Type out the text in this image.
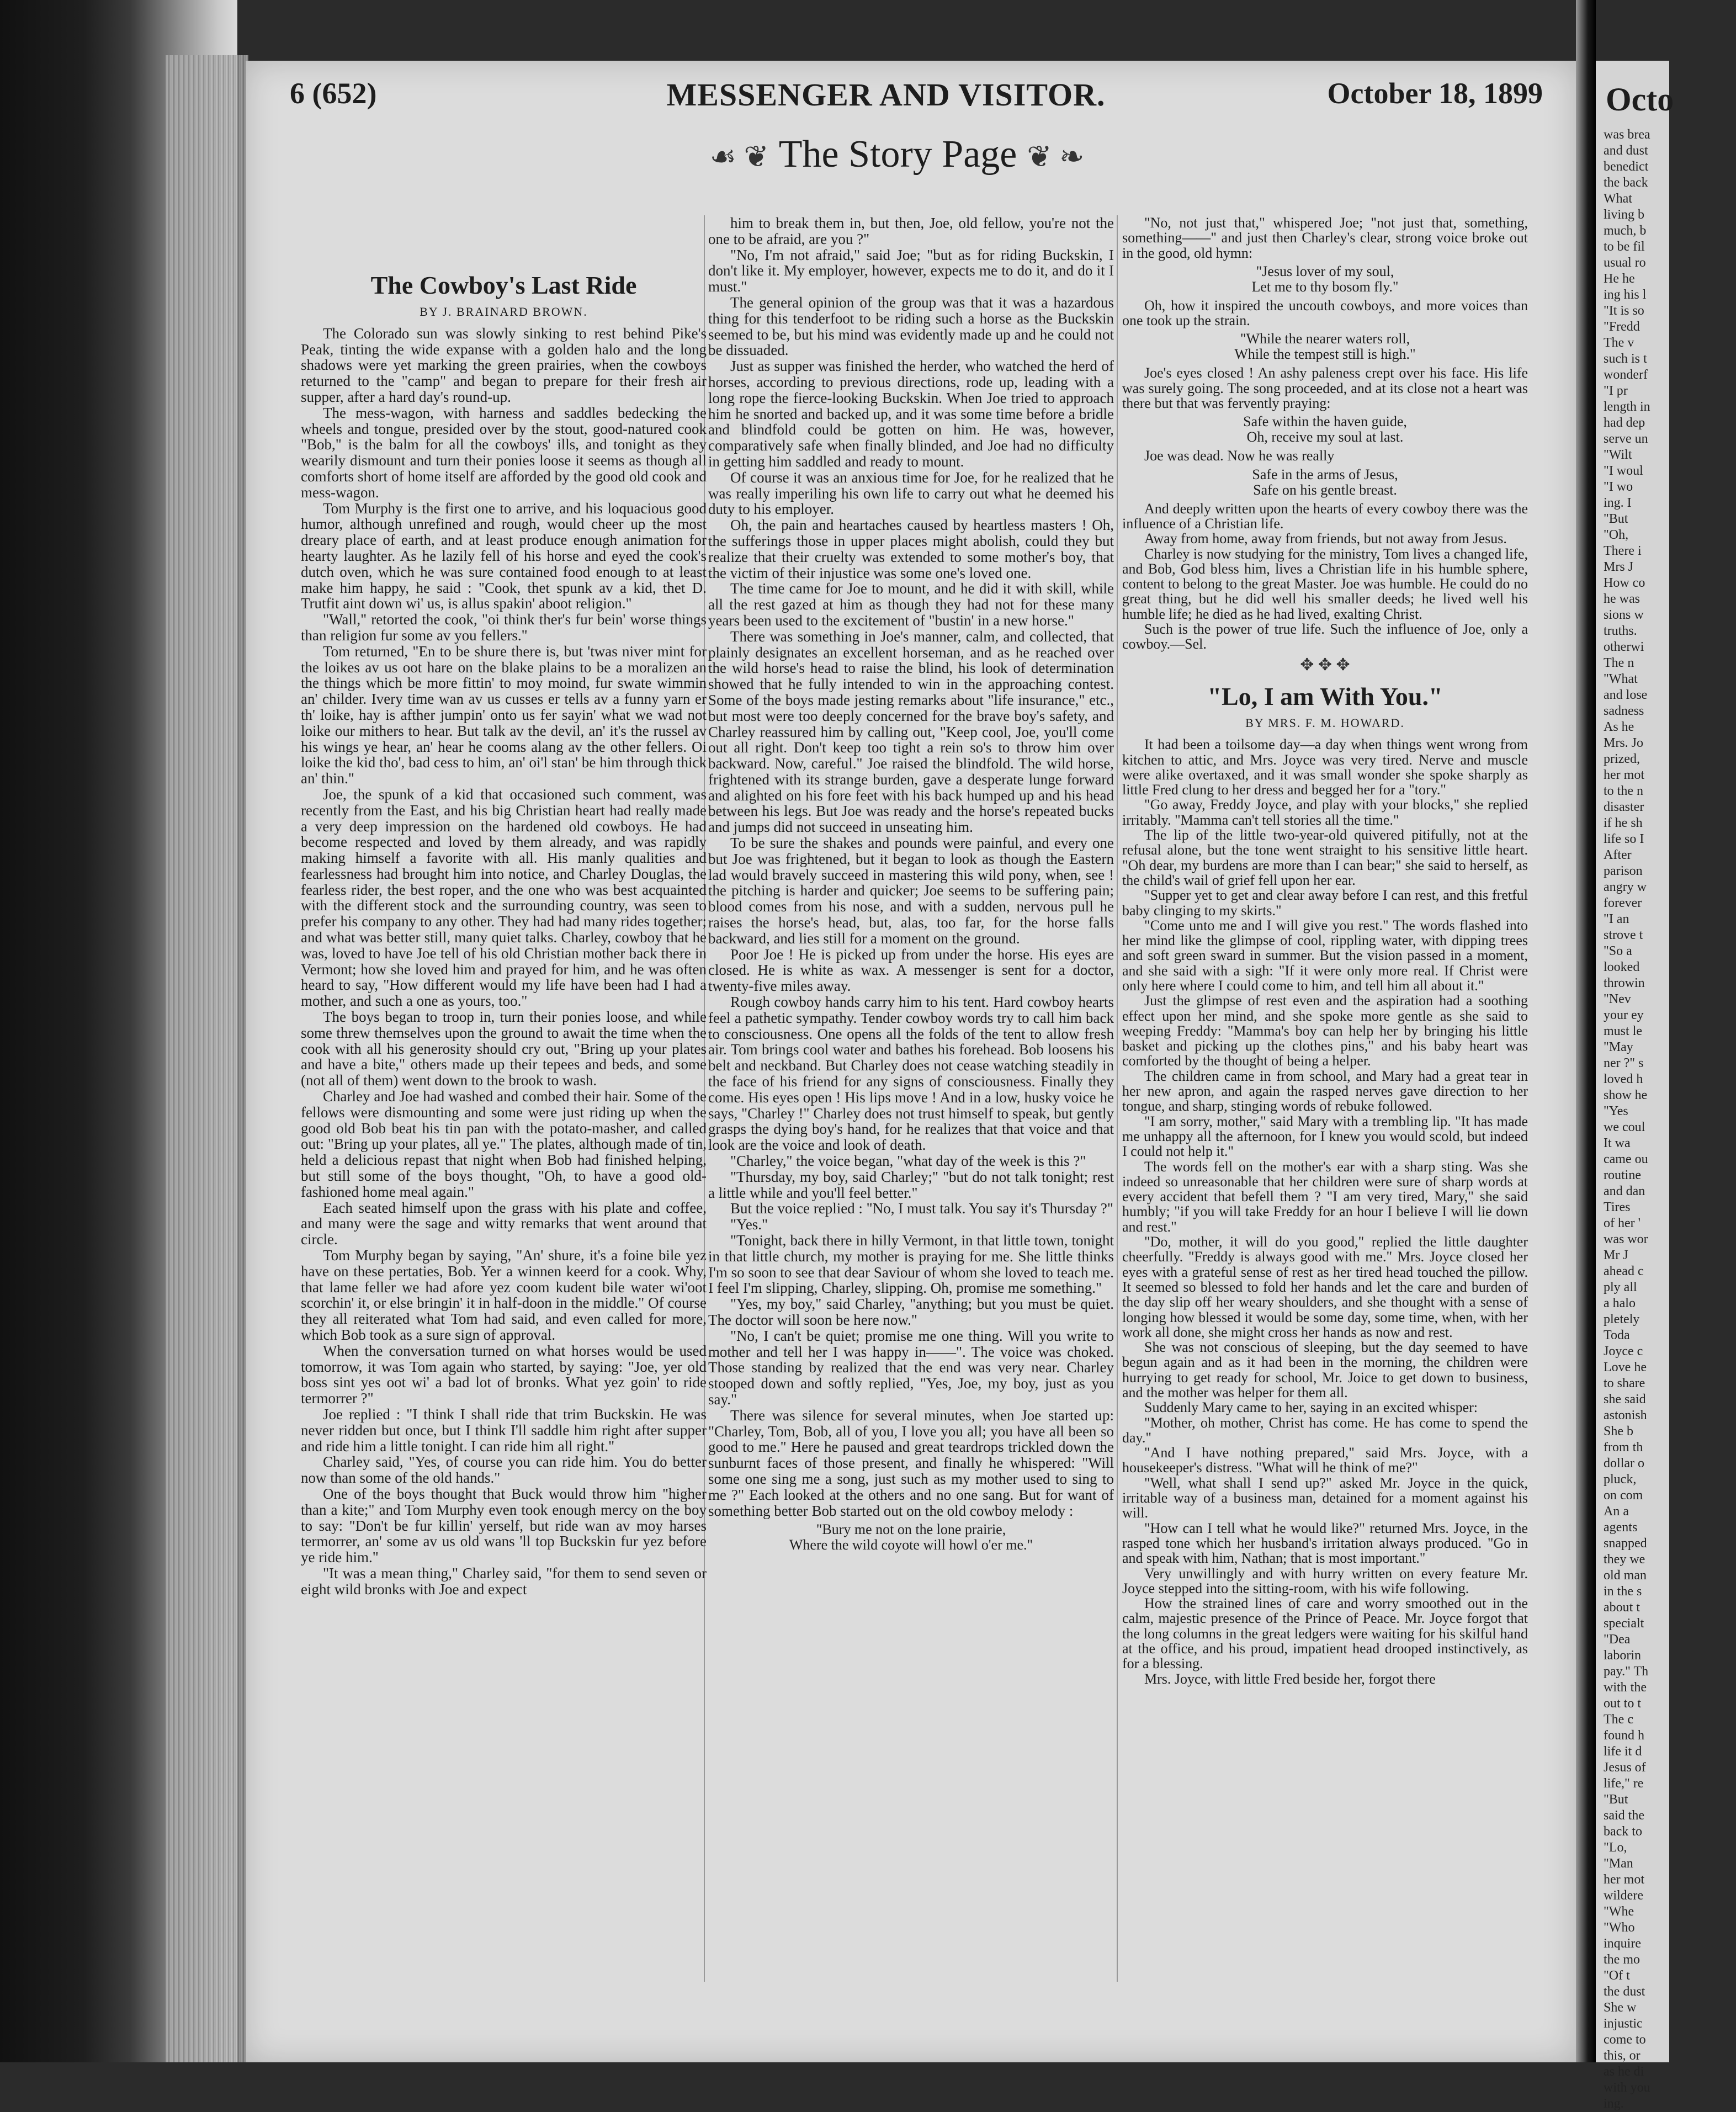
6 (652)	MESSENGER AND VISITOR.	October 18, 1899
☙ ❦ The Story Page ❦ ❧
The Cowboy's Last Ride
BY J. BRAINARD BROWN.

The Colorado sun was slowly sinking to rest behind Pike's Peak, tinting the wide expanse with a golden halo and the long shadows were yet marking the green prairies, when the cowboys returned to the "camp" and began to prepare for their fresh air supper, after a hard day's round-up.

The mess-wagon, with harness and saddles bedecking the wheels and tongue, presided over by the stout, good-natured cook "Bob," is the balm for all the cowboys' ills, and tonight as they wearily dismount and turn their ponies loose it seems as though all comforts short of home itself are afforded by the good old cook and mess-wagon.

Tom Murphy is the first one to arrive, and his loquacious good humor, although unrefined and rough, would cheer up the most dreary place of earth, and at least produce enough animation for hearty laughter. As he lazily fell of his horse and eyed the cook's dutch oven, which he was sure contained food enough to at least make him happy, he said : "Cook, thet spunk av a kid, thet D. Trutfit aint down wi' us, is allus spakin' aboot religion."

"Wall," retorted the cook, "oi think ther's fur bein' worse things than religion fur some av you fellers."

Tom returned, "En to be shure there is, but 'twas niver mint for the loikes av us oot hare on the blake plains to be a moralizen an the things which be more fittin' to moy moind, fur swate wimmin an' childer. Ivery time wan av us cusses er tells av a funny yarn er th' loike, hay is afther jumpin' onto us fer sayin' what we wad not loike our mithers to hear. But talk av the devil, an' it's the russel av his wings ye hear, an' hear he cooms alang av the other fellers. Oi loike the kid tho', bad cess to him, an' oi'l stan' be him through thick an' thin."

Joe, the spunk of a kid that occasioned such comment, was recently from the East, and his big Christian heart had really made a very deep impression on the hardened old cowboys. He had become respected and loved by them already, and was rapidly making himself a favorite with all. His manly qualities and fearlessness had brought him into notice, and Charley Douglas, the fearless rider, the best roper, and the one who was best acquainted with the different stock and the surrounding country, was seen to prefer his company to any other. They had had many rides together; and what was better still, many quiet talks. Charley, cowboy that he was, loved to have Joe tell of his old Christian mother back there in Vermont; how she loved him and prayed for him, and he was often heard to say, "How different would my life have been had I had a mother, and such a one as yours, too."

The boys began to troop in, turn their ponies loose, and while some threw themselves upon the ground to await the time when the cook with all his generosity should cry out, "Bring up your plates and have a bite," others made up their tepees and beds, and some (not all of them) went down to the brook to wash.

Charley and Joe had washed and combed their hair. Some of the fellows were dismounting and some were just riding up when the good old Bob beat his tin pan with the potato-masher, and called out: "Bring up your plates, all ye." The plates, although made of tin, held a delicious repast that night when Bob had finished helping, but still some of the boys thought, "Oh, to have a good old-fashioned home meal again."

Each seated himself upon the grass with his plate and coffee, and many were the sage and witty remarks that went around that circle.

Tom Murphy began by saying, "An' shure, it's a foine bile yez have on these pertaties, Bob. Yer a winnen keerd for a cook. Why, that lame feller we had afore yez coom kudent bile water wi'oot scorchin' it, or else bringin' it in half-doon in the middle." Of course they all reiterated what Tom had said, and even called for more, which Bob took as a sure sign of approval.

When the conversation turned on what horses would be used tomorrow, it was Tom again who started, by saying: "Joe, yer old boss sint yes oot wi' a bad lot of bronks. What yez goin' to ride termorrer ?"

Joe replied : "I think I shall ride that trim Buckskin. He was never ridden but once, but I think I'll saddle him right after supper and ride him a little tonight. I can ride him all right."

Charley said, "Yes, of course you can ride him. You do better now than some of the old hands."

One of the boys thought that Buck would throw him "higher than a kite;" and Tom Murphy even took enough mercy on the boy to say: "Don't be fur killin' yerself, but ride wan av moy harses termorrer, an' some av us old wans 'll top Buckskin fur yez before ye ride him."

"It was a mean thing," Charley said, "for them to send seven or eight wild bronks with Joe and expect

him to break them in, but then, Joe, old fellow, you're not the one to be afraid, are you ?"

"No, I'm not afraid," said Joe; "but as for riding Buckskin, I don't like it. My employer, however, expects me to do it, and do it I must."

The general opinion of the group was that it was a hazardous thing for this tenderfoot to be riding such a horse as the Buckskin seemed to be, but his mind was evidently made up and he could not be dissuaded.

Just as supper was finished the herder, who watched the herd of horses, according to previous directions, rode up, leading with a long rope the fierce-looking Buckskin. When Joe tried to approach him he snorted and backed up, and it was some time before a bridle and blindfold could be gotten on him. He was, however, comparatively safe when finally blinded, and Joe had no difficulty in getting him saddled and ready to mount.

Of course it was an anxious time for Joe, for he realized that he was really imperiling his own life to carry out what he deemed his duty to his employer.

Oh, the pain and heartaches caused by heartless masters ! Oh, the sufferings those in upper places might abolish, could they but realize that their cruelty was extended to some mother's boy, that the victim of their injustice was some one's loved one.

The time came for Joe to mount, and he did it with skill, while all the rest gazed at him as though they had not for these many years been used to the excitement of "bustin' in a new horse."

There was something in Joe's manner, calm, and collected, that plainly designates an excellent horseman, and as he reached over the wild horse's head to raise the blind, his look of determination showed that he fully intended to win in the approaching contest. Some of the boys made jesting remarks about "life insurance," etc., but most were too deeply concerned for the brave boy's safety, and Charley reassured him by calling out, "Keep cool, Joe, you'll come out all right. Don't keep too tight a rein so's to throw him over backward. Now, careful." Joe raised the blindfold. The wild horse, frightened with its strange burden, gave a desperate lunge forward and alighted on his fore feet with his back humped up and his head between his legs. But Joe was ready and the horse's repeated bucks and jumps did not succeed in unseating him.

To be sure the shakes and pounds were painful, and every one but Joe was frightened, but it began to look as though the Eastern lad would bravely succeed in mastering this wild pony, when, see ! the pitching is harder and quicker; Joe seems to be suffering pain; blood comes from his nose, and with a sudden, nervous pull he raises the horse's head, but, alas, too far, for the horse falls backward, and lies still for a moment on the ground.

Poor Joe ! He is picked up from under the horse. His eyes are closed. He is white as wax. A messenger is sent for a doctor, twenty-five miles away.

Rough cowboy hands carry him to his tent. Hard cowboy hearts feel a pathetic sympathy. Tender cowboy words try to call him back to consciousness. One opens all the folds of the tent to allow fresh air. Tom brings cool water and bathes his forehead. Bob loosens his belt and neckband. But Charley does not cease watching steadily in the face of his friend for any signs of consciousness. Finally they come. His eyes open ! His lips move ! And in a low, husky voice he says, "Charley !" Charley does not trust himself to speak, but gently grasps the dying boy's hand, for he realizes that that voice and that look are the voice and look of death.

"Charley," the voice began, "what day of the week is this ?"

"Thursday, my boy, said Charley;" "but do not talk tonight; rest a little while and you'll feel better."

But the voice replied : "No, I must talk. You say it's Thursday ?"

"Yes."

"Tonight, back there in hilly Vermont, in that little town, tonight in that little church, my mother is praying for me. She little thinks I'm so soon to see that dear Saviour of whom she loved to teach me. I feel I'm slipping, Charley, slipping. Oh, promise me something."

"Yes, my boy," said Charley, "anything; but you must be quiet. The doctor will soon be here now."

"No, I can't be quiet; promise me one thing. Will you write to mother and tell her I was happy in——". The voice was choked. Those standing by realized that the end was very near. Charley stooped down and softly replied, "Yes, Joe, my boy, just as you say."

There was silence for several minutes, when Joe started up: "Charley, Tom, Bob, all of you, I love you all; you have all been so good to me." Here he paused and great teardrops trickled down the sunburnt faces of those present, and finally he whispered: "Will some one sing me a song, just such as my mother used to sing to me ?" Each looked at the others and no one sang. But for want of something better Bob started out on the old cowboy melody :

"Bury me not on the lone prairie,
Where the wild coyote will howl o'er me."

"No, not just that," whispered Joe; "not just that, something, something——" and just then Charley's clear, strong voice broke out in the good, old hymn:

"Jesus lover of my soul,
Let me to thy bosom fly."

Oh, how it inspired the uncouth cowboys, and more voices than one took up the strain.

"While the nearer waters roll,
While the tempest still is high."

Joe's eyes closed ! An ashy paleness crept over his face. His life was surely going. The song proceeded, and at its close not a heart was there but that was fervently praying:

Safe within the haven guide,
Oh, receive my soul at last.

Joe was dead. Now he was really

Safe in the arms of Jesus,
Safe on his gentle breast.

And deeply written upon the hearts of every cowboy there was the influence of a Christian life.

Away from home, away from friends, but not away from Jesus.

Charley is now studying for the ministry, Tom lives a changed life, and Bob, God bless him, lives a Christian life in his humble sphere, content to belong to the great Master. Joe was humble. He could do no great thing, but he did well his smaller deeds; he lived well his humble life; he died as he had lived, exalting Christ.

Such is the power of true life. Such the influence of Joe, only a cowboy.—Sel.

✥ ✥ ✥
"Lo, I am With You."
BY MRS. F. M. HOWARD.

It had been a toilsome day—a day when things went wrong from kitchen to attic, and Mrs. Joyce was very tired. Nerve and muscle were alike overtaxed, and it was small wonder she spoke sharply as little Fred clung to her dress and begged her for a "tory."

"Go away, Freddy Joyce, and play with your blocks," she replied irritably. "Mamma can't tell stories all the time."

The lip of the little two-year-old quivered pitifully, not at the refusal alone, but the tone went straight to his sensitive little heart. "Oh dear, my burdens are more than I can bear;" she said to herself, as the child's wail of grief fell upon her ear.

"Supper yet to get and clear away before I can rest, and this fretful baby clinging to my skirts."

"Come unto me and I will give you rest." The words flashed into her mind like the glimpse of cool, rippling water, with dipping trees and soft green sward in summer. But the vision passed in a moment, and she said with a sigh: "If it were only more real. If Christ were only here where I could come to him, and tell him all about it."

Just the glimpse of rest even and the aspiration had a soothing effect upon her mind, and she spoke more gentle as she said to weeping Freddy: "Mamma's boy can help her by bringing his little basket and picking up the clothes pins," and his baby heart was comforted by the thought of being a helper.

The children came in from school, and Mary had a great tear in her new apron, and again the rasped nerves gave direction to her tongue, and sharp, stinging words of rebuke followed.

"I am sorry, mother," said Mary with a trembling lip. "It has made me unhappy all the afternoon, for I knew you would scold, but indeed I could not help it."

The words fell on the mother's ear with a sharp sting. Was she indeed so unreasonable that her children were sure of sharp words at every accident that befell them ? "I am very tired, Mary," she said humbly; "if you will take Freddy for an hour I believe I will lie down and rest."

"Do, mother, it will do you good," replied the little daughter cheerfully. "Freddy is always good with me." Mrs. Joyce closed her eyes with a grateful sense of rest as her tired head touched the pillow. It seemed so blessed to fold her hands and let the care and burden of the day slip off her weary shoulders, and she thought with a sense of longing how blessed it would be some day, some time, when, with her work all done, she might cross her hands as now and rest.

She was not conscious of sleeping, but the day seemed to have begun again and as it had been in the morning, the children were hurrying to get ready for school, Mr. Joice to get down to business, and the mother was helper for them all.

Suddenly Mary came to her, saying in an excited whisper:

"Mother, oh mother, Christ has come. He has come to spend the day."

"And I have nothing prepared," said Mrs. Joyce, with a housekeeper's distress. "What will he think of me?"

"Well, what shall I send up?" asked Mr. Joyce in the quick, irritable way of a business man, detained for a moment against his will.

"How can I tell what he would like?" returned Mrs. Joyce, in the rasped tone which her husband's irritation always produced. "Go in and speak with him, Nathan; that is most important."

Very unwillingly and with hurry written on every feature Mr. Joyce stepped into the sitting-room, with his wife following.

How the strained lines of care and worry smoothed out in the calm, majestic presence of the Prince of Peace. Mr. Joyce forgot that the long columns in the great ledgers were waiting for his skilful hand at the office, and his proud, impatient head drooped instinctively, as for a blessing.

Mrs. Joyce, with little Fred beside her, forgot there

Octo
was brea
and dust
benedict
the back
What
living b
much, b
to be fil
usual ro
He he
ing his l
"It is so
"Fredd
The v
such is t
wonderf
"I pr
length in
had dep
serve un
"Wilt
"I woul
"I wo
ing. I
"But
"Oh,
There i
Mrs J
How co
he was
sions w
truths.
otherwi
The n
"What
and lose
sadness
As he
Mrs. Jo
prized,
her mot
to the n
disaster
if he sh
life so I
After
parison
angry w
forever
"I an
strove t
"So a
looked
throwin
"Nev
your ey
must le
"May
ner ?" s
loved h
show he
"Yes
we coul
It wa
came ou
routine
and dan
Tires
of her '
was wor
Mr J
ahead c
ply all
a halo
pletely
Toda
Joyce c
Love he
to share
she said
astonish
She b
from th
dollar o
pluck,
on com
An a
agents
snapped
they we
old man
in the s
about t
specialt
"Dea
laborin
pay." Th
with the
out to t
The c
found h
life it d
Jesus of
life," re
"But
said the
back to
"Lo,
"Man
her mot
wildere
"Whe
"Who
inquire
the mo
"Of t
the dust
She w
injustic
come to
this, or
as he di
with you
ing.
